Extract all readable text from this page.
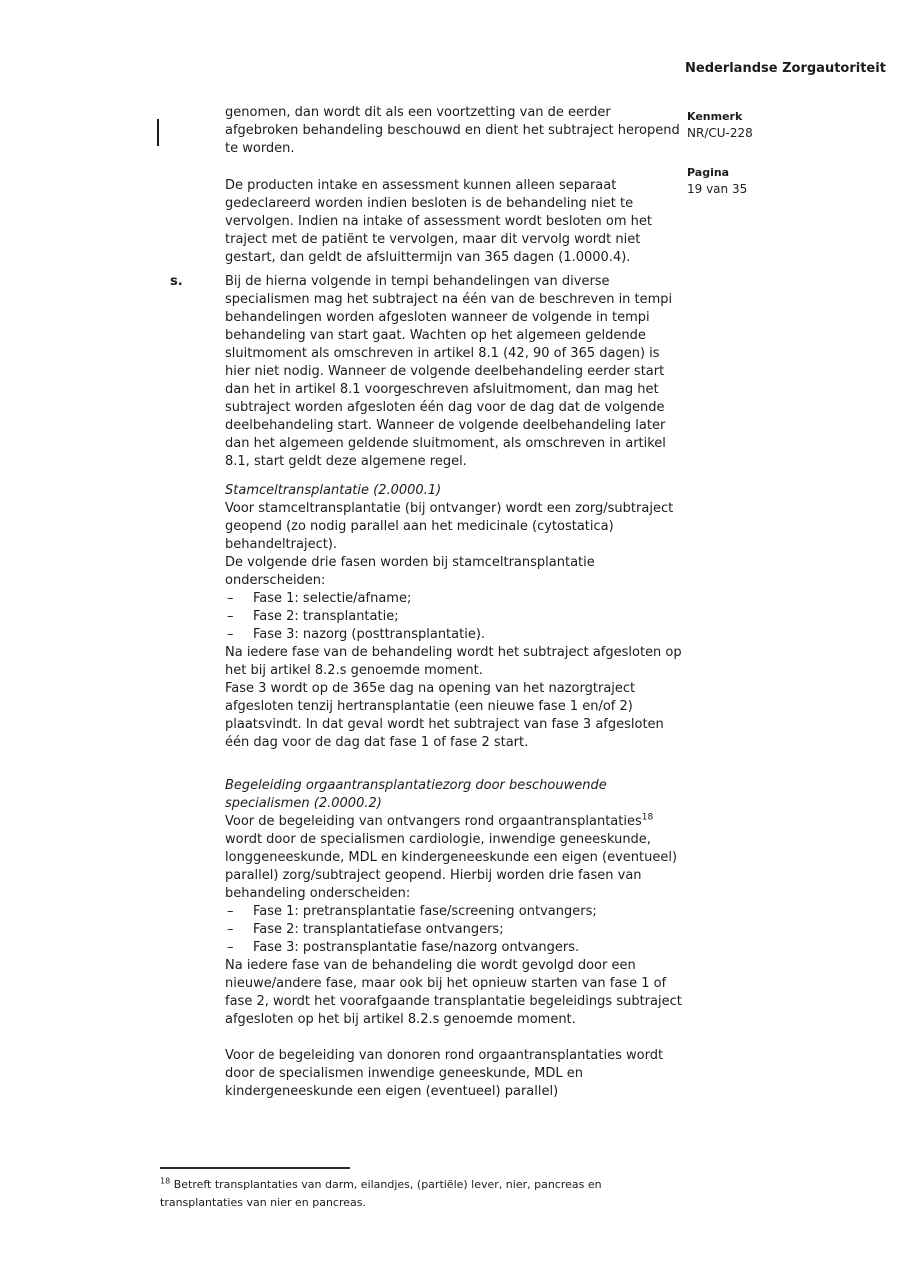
Nederlandse Zorgautoriteit
Kenmerk
NR/CU-228
Pagina
19 van 35

genomen, dan wordt dit als een voortzetting van de eerder afgebroken behandeling beschouwd en dient het subtraject heropend te worden.

De producten intake en assessment kunnen alleen separaat gedeclareerd worden indien besloten is de behandeling niet te vervolgen. Indien na intake of assessment wordt besloten om het traject met de patiënt te vervolgen, maar dit vervolg wordt niet gestart, dan geldt de afsluittermijn van 365 dagen (1.0000.4).

s.	Bij de hierna volgende in tempi behandelingen van diverse specialismen mag het subtraject na één van de beschreven in tempi behandelingen worden afgesloten wanneer de volgende in tempi behandeling van start gaat. Wachten op het algemeen geldende sluitmoment als omschreven in artikel 8.1 (42, 90 of 365 dagen) is hier niet nodig. Wanneer de volgende deelbehandeling eerder start dan het in artikel 8.1 voorgeschreven afsluitmoment, dan mag het subtraject worden afgesloten één dag voor de dag dat de volgende deelbehandeling start. Wanneer de volgende deelbehandeling later dan het algemeen geldende sluitmoment, als omschreven in artikel 8.1, start geldt deze algemene regel.

Stamceltransplantatie (2.0000.1)

Voor stamceltransplantatie (bij ontvanger) wordt een zorg/subtraject geopend (zo nodig parallel aan het medicinale (cytostatica) behandeltraject).

De volgende drie fasen worden bij stamceltransplantatie onderscheiden:

– Fase 1: selectie/afname;
– Fase 2: transplantatie;
– Fase 3: nazorg (posttransplantatie).

Na iedere fase van de behandeling wordt het subtraject afgesloten op het bij artikel 8.2.s genoemde moment.

Fase 3 wordt op de 365e dag na opening van het nazorgtraject afgesloten tenzij hertransplantatie (een nieuwe fase 1 en/of 2) plaatsvindt. In dat geval wordt het subtraject van fase 3 afgesloten één dag voor de dag dat fase 1 of fase 2 start.

Begeleiding orgaantransplantatiezorg door beschouwende specialismen (2.0000.2)

Voor de begeleiding van ontvangers rond orgaantransplantaties$^{18}$ wordt door de specialismen cardiologie, inwendige geneeskunde, longgeneeskunde, MDL en kindergeneeskunde een eigen (eventueel) parallel) zorg/subtraject geopend. Hierbij worden drie fasen van behandeling onderscheiden:

– Fase 1: pretransplantatie fase/screening ontvangers;
– Fase 2: transplantatiefase ontvangers;
– Fase 3: postransplantatie fase/nazorg ontvangers.

Na iedere fase van de behandeling die wordt gevolgd door een nieuwe/andere fase, maar ook bij het opnieuw starten van fase 1 of fase 2, wordt het voorafgaande transplantatie begeleidings subtraject afgesloten op het bij artikel 8.2.s genoemde moment.

Voor de begeleiding van donoren rond orgaantransplantaties wordt door de specialismen inwendige geneeskunde, MDL en kindergeneeskunde een eigen (eventueel) parallel)

$^{18}$ Betreft transplantaties van darm, eilandjes, (partiële) lever, nier, pancreas en transplantaties van nier en pancreas.
